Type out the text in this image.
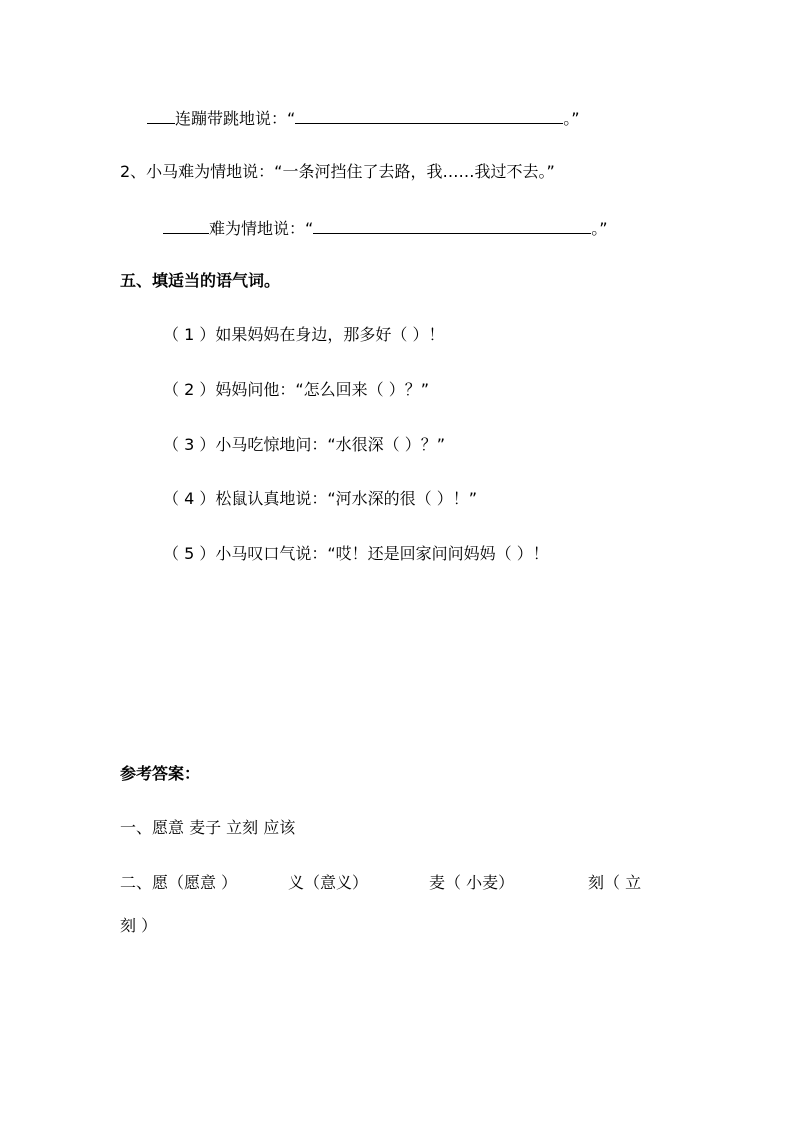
连蹦带跳地说：“	。”
2、小马难为情地说：“一条河挡住了去路，我……我过不去。”
难为情地说：“	。”
五、填适当的语气词。
（ 1 ）如果妈妈在身边，那多好（ ）！
（ 2 ）妈妈问他：“怎么回来（ ）？”
（ 3 ）小马吃惊地问：“水很深（ ）？”
（ 4 ）松鼠认真地说：“河水深的很（ ）！”
（ 5 ）小马叹口气说：“哎！还是回家问问妈妈（ ）！
参考答案：
一、愿意 麦子 立刻 应该
二、愿（愿意 ）	义（意义）	麦（ 小麦）	刻（ 立
刻 ）
